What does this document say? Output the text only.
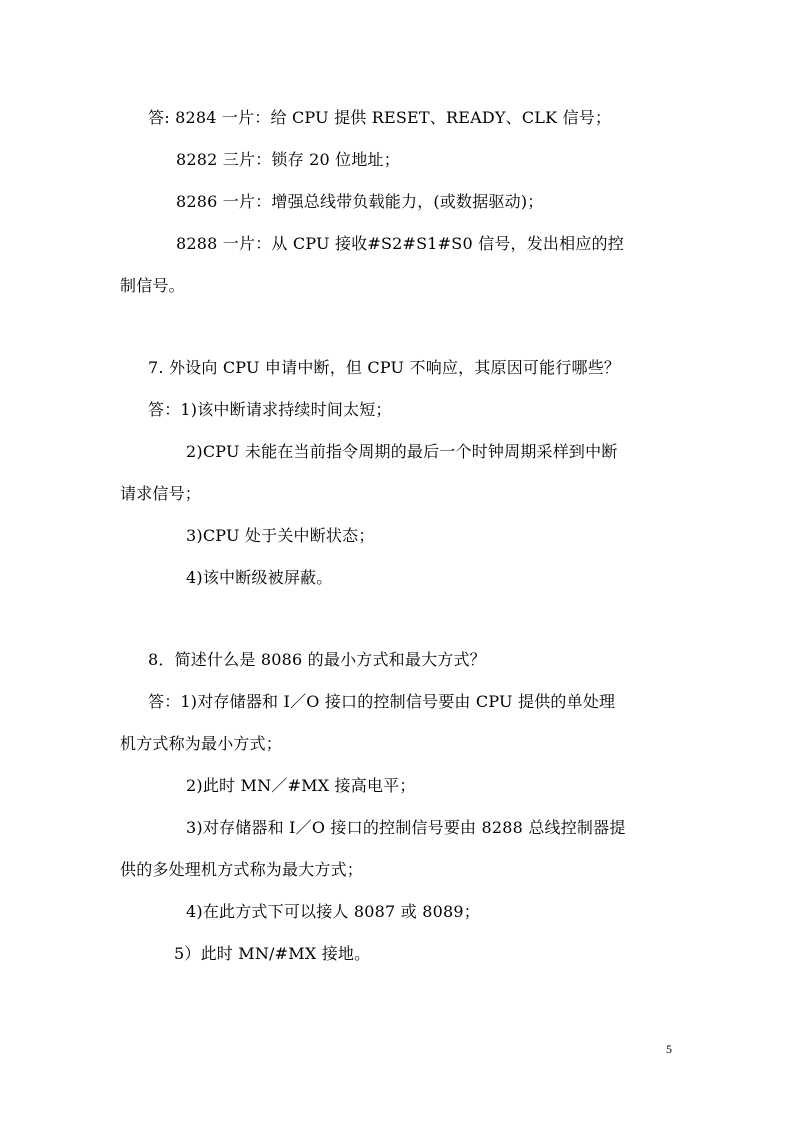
答: 8284 一片：给 CPU 提供 RESET、READY、CLK 信号；
8282 三片：锁存 20 位地址；
8286 一片：增强总线带负载能力，(或数据驱动)；
8288 一片：从 CPU 接收#S2#S1#S0 信号，发出相应的控
制信号。
7. 外设向 CPU 申请中断，但 CPU 不响应，其原因可能行哪些？
答：1)该中断请求持续时间太短；
2)CPU 未能在当前指令周期的最后一个时钟周期采样到中断
请求信号；
3)CPU 处于关中断状态；
4)该中断级被屏蔽。
8．简述什么是 8086 的最小方式和最大方式？
答：1)对存储器和 I／O 接口的控制信号要由 CPU 提供的单处理
机方式称为最小方式；
2)此时 MN／#MX 接高电平；
3)对存储器和 I／O 接口的控制信号要由 8288 总线控制器提
供的多处理机方式称为最大方式；
4)在此方式下可以接人 8087 或 8089；
5）此时 MN/#MX 接地。
5
